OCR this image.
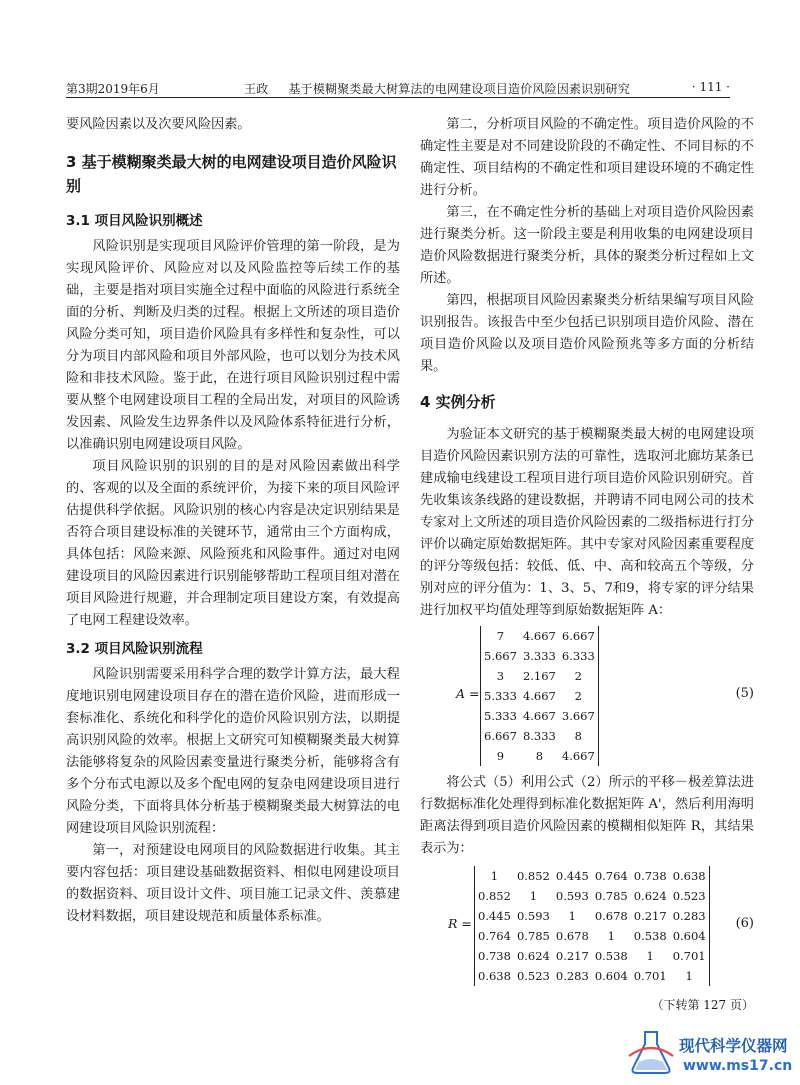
第3期2019年6月	王政 基于模糊聚类最大树算法的电网建设项目造价风险因素识别研究	· 111 ·

要风险因素以及次要风险因素。

3 基于模糊聚类最大树的电网建设项目造价风险识别

3.1 项目风险识别概述

风险识别是实现项目风险评价管理的第一阶段，是为实现风险评价、风险应对以及风险监控等后续工作的基础，主要是指对项目实施全过程中面临的风险进行系统全面的分析、判断及归类的过程。根据上文所述的项目造价风险分类可知，项目造价风险具有多样性和复杂性，可以分为项目内部风险和项目外部风险，也可以划分为技术风险和非技术风险。鉴于此，在进行项目风险识别过程中需要从整个电网建设项目工程的全局出发，对项目的风险诱发因素、风险发生边界条件以及风险体系特征进行分析，以准确识别电网建设项目风险。

项目风险识别的识别的目的是对风险因素做出科学的、客观的以及全面的系统评价，为接下来的项目风险评估提供科学依据。风险识别的核心内容是决定识别结果是否符合项目建设标准的关键环节，通常由三个方面构成，具体包括：风险来源、风险预兆和风险事件。通过对电网建设项目的风险因素进行识别能够帮助工程项目组对潜在项目风险进行规避，并合理制定项目建设方案，有效提高了电网工程建设效率。

3.2 项目风险识别流程

风险识别需要采用科学合理的数学计算方法，最大程度地识别电网建设项目存在的潜在造价风险，进而形成一套标准化、系统化和科学化的造价风险识别方法，以期提高识别风险的效率。根据上文研究可知模糊聚类最大树算法能够将复杂的风险因素变量进行聚类分析，能够将含有多个分布式电源以及多个配电网的复杂电网建设项目进行风险分类，下面将具体分析基于模糊聚类最大树算法的电网建设项目风险识别流程：

第一，对预建设电网项目的风险数据进行收集。其主要内容包括：项目建设基础数据资料、相似电网建设项目的数据资料、项目设计文件、项目施工记录文件、羡慕建设材料数据，项目建设规范和质量体系标准。

第二，分析项目风险的不确定性。项目造价风险的不确定性主要是对不同建设阶段的不确定性、不同目标的不确定性、项目结构的不确定性和项目建设环境的不确定性进行分析。

第三，在不确定性分析的基础上对项目造价风险因素进行聚类分析。这一阶段主要是利用收集的电网建设项目造价风险数据进行聚类分析，具体的聚类分析过程如上文所述。

第四，根据项目风险因素聚类分析结果编写项目风险识别报告。该报告中至少包括已识别项目造价风险、潜在项目造价风险以及项目造价风险预兆等多方面的分析结果。

4 实例分析

为验证本文研究的基于模糊聚类最大树的电网建设项目造价风险因素识别方法的可靠性，选取河北廊坊某条已建成输电线建设工程项目进行项目造价风险识别研究。首先收集该条线路的建设数据，并聘请不同电网公司的技术专家对上文所述的项目造价风险因素的二级指标进行打分评价以确定原始数据矩阵。其中专家对风险因素重要程度的评分等级包括：较低、低、中、高和较高五个等级，分别对应的评分值为：1、3、5、7和9，将专家的评分结果进行加权平均值处理等到原始数据矩阵 A：

A =
7	4.667	6.667
5.667	3.333	6.333
3	2.167	2
5.333	4.667	2
5.333	4.667	3.667
6.667	8.333	8
9	8	4.667
(5)

将公式（5）利用公式（2）所示的平移－极差算法进行数据标准化处理得到标准化数据矩阵 A'，然后利用海明距离法得到项目造价风险因素的模糊相似矩阵 R，其结果表示为：

R =
1	0.852	0.445	0.764	0.738	0.638
0.852	1	0.593	0.785	0.624	0.523
0.445	0.593	1	0.678	0.217	0.283
0.764	0.785	0.678	1	0.538	0.604
0.738	0.624	0.217	0.538	1	0.701
0.638	0.523	0.283	0.604	0.701	1
(6)
（下转第 127 页）
现代科学仪器网
www.ms17.cn
